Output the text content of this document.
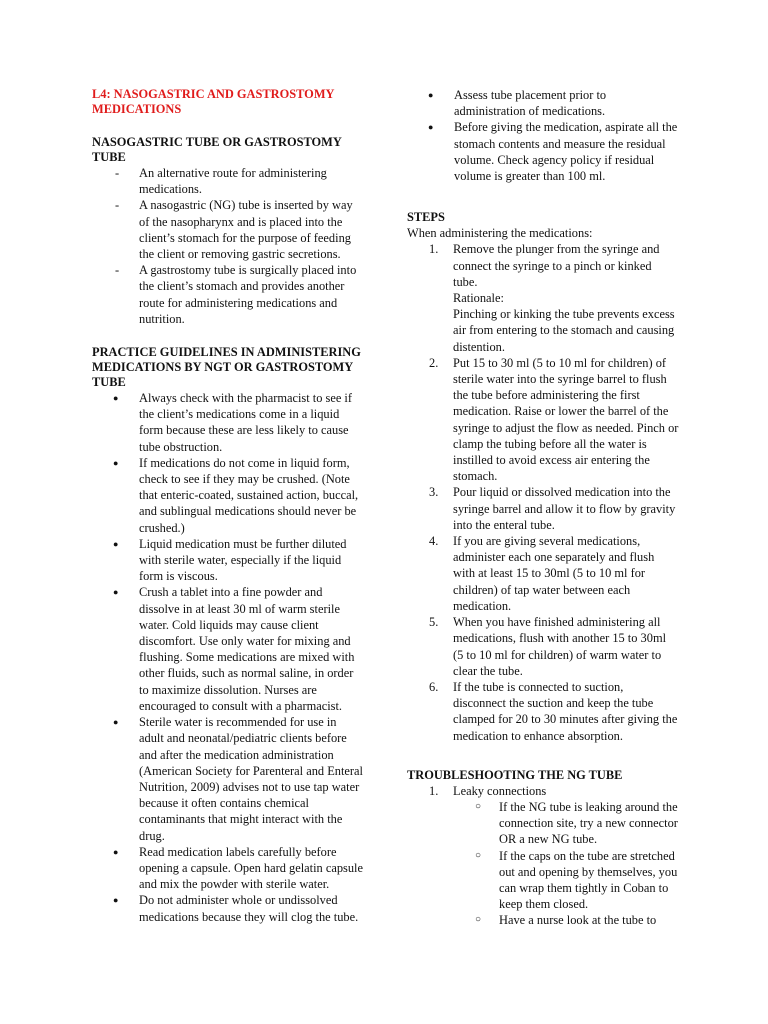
L4: NASOGASTRIC AND GASTROSTOMY MEDICATIONS
NASOGASTRIC TUBE OR GASTROSTOMY TUBE
- An alternative route for administering medications.
- A nasogastric (NG) tube is inserted by way of the nasopharynx and is placed into the client’s stomach for the purpose of feeding the client or removing gastric secretions.
- A gastrostomy tube is surgically placed into the client’s stomach and provides another route for administering medications and nutrition.
PRACTICE GUIDELINES IN ADMINISTERING MEDICATIONS BY NGT OR GASTROSTOMY TUBE
● Always check with the pharmacist to see if the client’s medications come in a liquid form because these are less likely to cause tube obstruction.
● If medications do not come in liquid form, check to see if they may be crushed. (Note that enteric-coated, sustained action, buccal, and sublingual medications should never be crushed.)
● Liquid medication must be further diluted with sterile water, especially if the liquid form is viscous.
● Crush a tablet into a fine powder and dissolve in at least 30 ml of warm sterile water. Cold liquids may cause client discomfort. Use only water for mixing and flushing. Some medications are mixed with other fluids, such as normal saline, in order to maximize dissolution. Nurses are encouraged to consult with a pharmacist.
● Sterile water is recommended for use in adult and neonatal/pediatric clients before and after the medication administration (American Society for Parenteral and Enteral Nutrition, 2009) advises not to use tap water because it often contains chemical contaminants that might interact with the drug.
● Read medication labels carefully before opening a capsule. Open hard gelatin capsule and mix the powder with sterile water.
● Do not administer whole or undissolved medications because they will clog the tube.
● Assess tube placement prior to administration of medications.
● Before giving the medication, aspirate all the stomach contents and measure the residual volume. Check agency policy if residual volume is greater than 100 ml.
STEPS

When administering the medications:

1. Remove the plunger from the syringe and connect the syringe to a pinch or kinked tube.
Rationale:
Pinching or kinking the tube prevents excess air from entering to the stomach and causing distention.
2. Put 15 to 30 ml (5 to 10 ml for children) of sterile water into the syringe barrel to flush the tube before administering the first medication. Raise or lower the barrel of the syringe to adjust the flow as needed. Pinch or clamp the tubing before all the water is instilled to avoid excess air entering the stomach.
3. Pour liquid or dissolved medication into the syringe barrel and allow it to flow by gravity into the enteral tube.
4. If you are giving several medications, administer each one separately and flush with at least 15 to 30ml (5 to 10 ml for children) of tap water between each medication.
5. When you have finished administering all medications, flush with another 15 to 30ml (5 to 10 ml for children) of warm water to clear the tube.
6. If the tube is connected to suction, disconnect the suction and keep the tube clamped for 20 to 30 minutes after giving the medication to enhance absorption.
TROUBLESHOOTING THE NG TUBE
1. Leaky connections
○ If the NG tube is leaking around the connection site, try a new connector OR a new NG tube.
○ If the caps on the tube are stretched out and opening by themselves, you can wrap them tightly in Coban to keep them closed.
○ Have a nurse look at the tube to
